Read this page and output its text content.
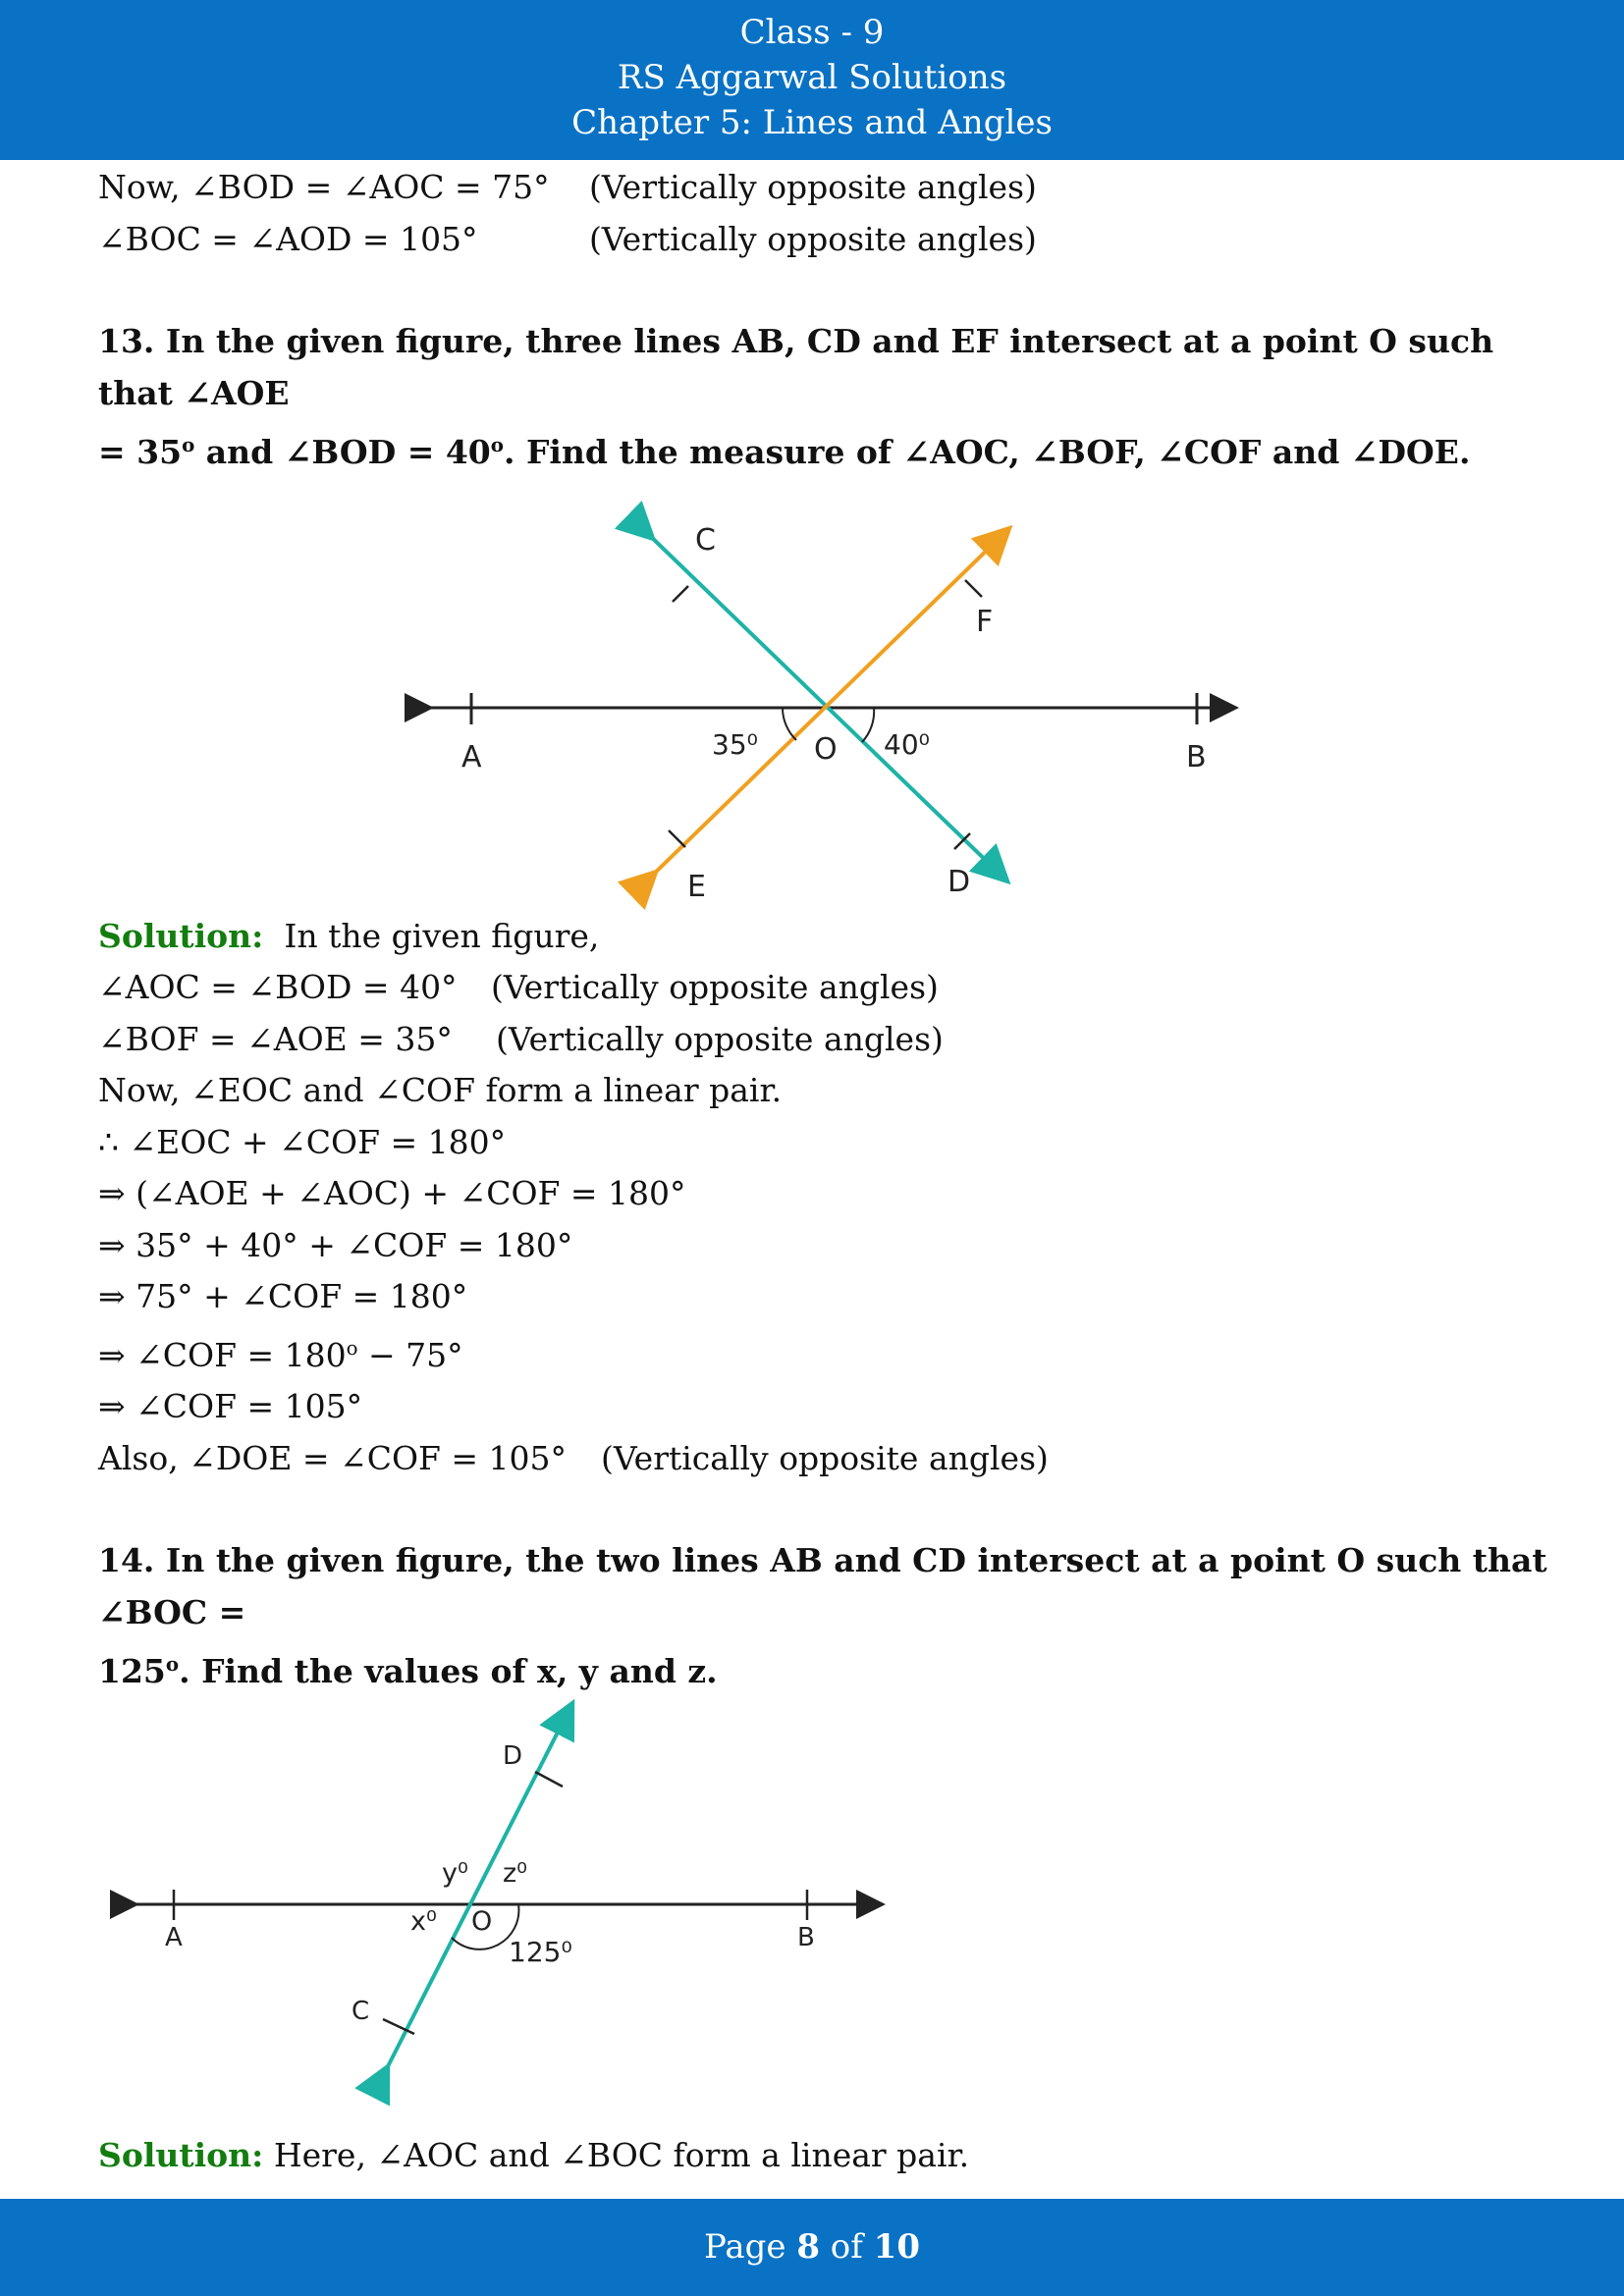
Class - 9
RS Aggarwal Solutions
Chapter 5: Lines and Angles
Now, ∠BOD = ∠AOC = 75° (Vertically opposite angles)
∠BOC = ∠AOD = 105°	(Vertically opposite angles)

13. In the given figure, three lines AB, CD and EF intersect at a point O such that ∠AOE
= $35^o$ and ∠BOD = $40^o$. Find the measure of ∠AOC, ∠BOF, ∠COF and ∠DOE.

C
F
A	B
O
35⁰	40⁰
E	D
Solution:  In the given figure,
∠AOC = ∠BOD = 40° (Vertically opposite angles)
∠BOF = ∠AOE = 35° (Vertically opposite angles)
Now, ∠EOC and ∠COF form a linear pair.
∴ ∠EOC + ∠COF = 180°
⇒ (∠AOE + ∠AOC) + ∠COF = 180°
⇒ 35° + 40° + ∠COF = 180°
⇒ 75° + ∠COF = 180°
⇒ ∠COF = $180^o - 75^\circ$
⇒ ∠COF = 105°
Also, ∠DOE = ∠COF = 105° (Vertically opposite angles)

14. In the given figure, the two lines AB and CD intersect at a point O such that ∠BOC =
$125^o$. Find the values of x, y and z.

D
y⁰ z⁰
x⁰ O
A	B
125⁰
C
Solution: Here, ∠AOC and ∠BOC form a linear pair.
Page 8 of 10
